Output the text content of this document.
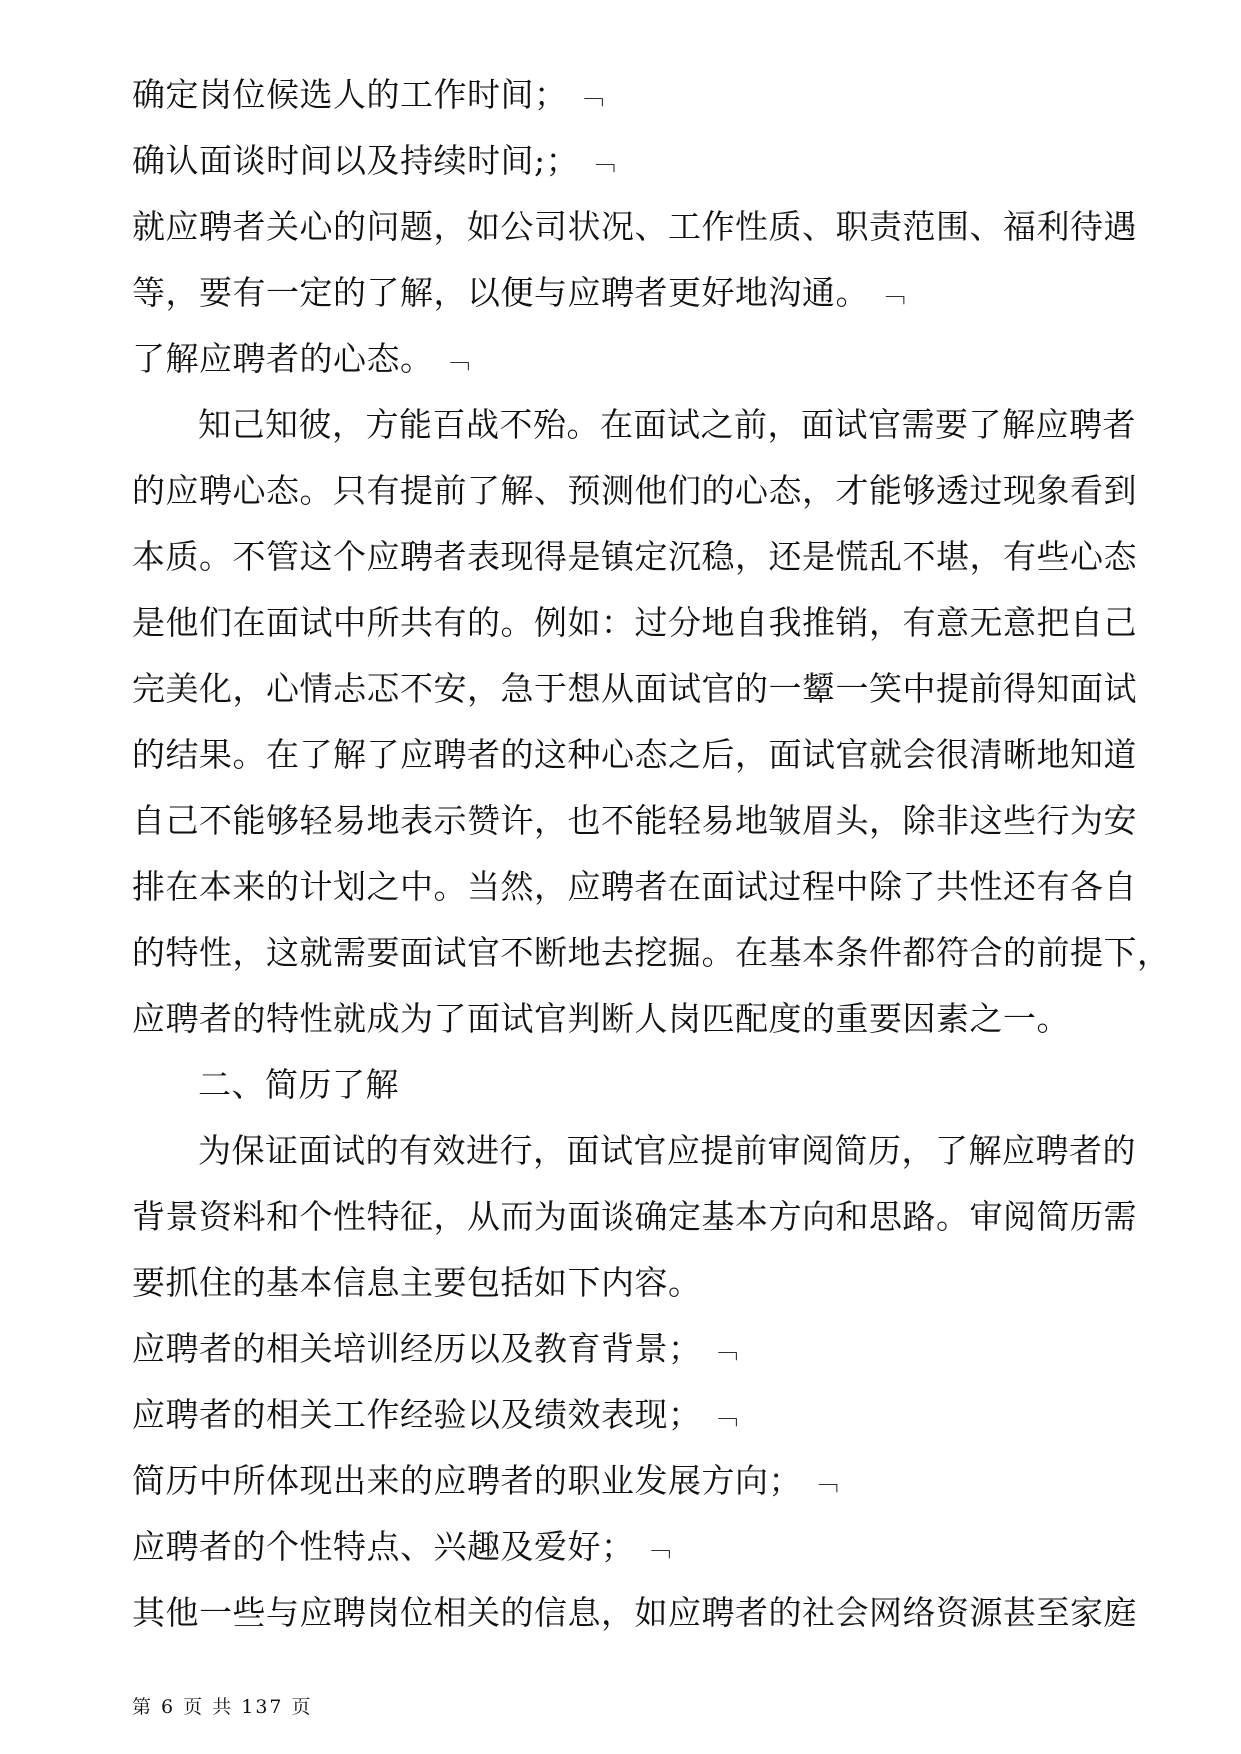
确定岗位候选人的工作时间； ﹁
确认面谈时间以及持续时间;； ﹁
就应聘者关心的问题，如公司状况、工作性质、职责范围、福利待遇
等，要有一定的了解，以便与应聘者更好地沟通。 ﹁
了解应聘者的心态。 ﹁
知己知彼，方能百战不殆。在面试之前，面试官需要了解应聘者
的应聘心态。只有提前了解、预测他们的心态，才能够透过现象看到
本质。不管这个应聘者表现得是镇定沉稳，还是慌乱不堪，有些心态
是他们在面试中所共有的。例如：过分地自我推销，有意无意把自己
完美化，心情忐忑不安，急于想从面试官的一颦一笑中提前得知面试
的结果。在了解了应聘者的这种心态之后，面试官就会很清晰地知道
自己不能够轻易地表示赞许，也不能轻易地皱眉头，除非这些行为安
排在本来的计划之中。当然，应聘者在面试过程中除了共性还有各自
的特性，这就需要面试官不断地去挖掘。在基本条件都符合的前提下，
应聘者的特性就成为了面试官判断人岗匹配度的重要因素之一。
二、简历了解
为保证面试的有效进行，面试官应提前审阅简历，了解应聘者的
背景资料和个性特征，从而为面谈确定基本方向和思路。审阅简历需
要抓住的基本信息主要包括如下内容。
应聘者的相关培训经历以及教育背景； ﹁
应聘者的相关工作经验以及绩效表现； ﹁
简历中所体现出来的应聘者的职业发展方向； ﹁
应聘者的个性特点、兴趣及爱好； ﹁
其他一些与应聘岗位相关的信息，如应聘者的社会网络资源甚至家庭
第 6 页 共 137 页
